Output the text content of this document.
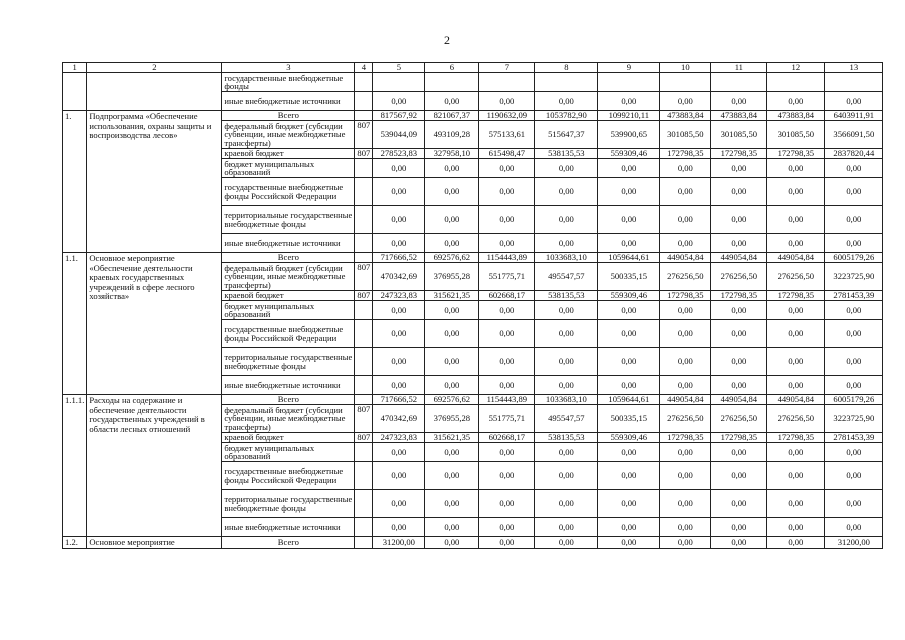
2
1	2	3	4	5	6	7	8	9	10	11	12	13
		государственные внебюджетные фонды										
		иные внебюджетные источники		0,00	0,00	0,00	0,00	0,00	0,00	0,00	0,00	0,00
1.	Подпрограмма «Обеспечение использования, охраны защиты и воспроизводства лесов»	Всего		817567,92	821067,37	1190632,09	1053782,90	1099210,11	473883,84	473883,84	473883,84	6403911,91
		федеральный бюджет (субсидии субвенции, иные межбюджетные трансферты)	807	539044,09	493109,28	575133,61	515647,37	539900,65	301085,50	301085,50	301085,50	3566091,50
		краевой бюджет	807	278523,83	327958,10	615498,47	538135,53	559309,46	172798,35	172798,35	172798,35	2837820,44
		бюджет муниципальных образований		0,00	0,00	0,00	0,00	0,00	0,00	0,00	0,00	0,00
		государственные внебюджетные фонды Российской Федерации		0,00	0,00	0,00	0,00	0,00	0,00	0,00	0,00	0,00
		территориальные государственные внебюджетные фонды		0,00	0,00	0,00	0,00	0,00	0,00	0,00	0,00	0,00
		иные внебюджетные источники		0,00	0,00	0,00	0,00	0,00	0,00	0,00	0,00	0,00
1.1.	Основное мероприятие «Обеспечение деятельности краевых государственных учреждений в сфере лесного хозяйства»	Всего		717666,52	692576,62	1154443,89	1033683,10	1059644,61	449054,84	449054,84	449054,84	6005179,26
		федеральный бюджет (субсидии субвенции, иные межбюджетные трансферты)	807	470342,69	376955,28	551775,71	495547,57	500335,15	276256,50	276256,50	276256,50	3223725,90
		краевой бюджет	807	247323,83	315621,35	602668,17	538135,53	559309,46	172798,35	172798,35	172798,35	2781453,39
		бюджет муниципальных образований		0,00	0,00	0,00	0,00	0,00	0,00	0,00	0,00	0,00
		государственные внебюджетные фонды Российской Федерации		0,00	0,00	0,00	0,00	0,00	0,00	0,00	0,00	0,00
		территориальные государственные внебюджетные фонды		0,00	0,00	0,00	0,00	0,00	0,00	0,00	0,00	0,00
		иные внебюджетные источники		0,00	0,00	0,00	0,00	0,00	0,00	0,00	0,00	0,00
1.1.1.	Расходы на содержание и обеспечение деятельности государственных учреждений в области лесных отношений	Всего		717666,52	692576,62	1154443,89	1033683,10	1059644,61	449054,84	449054,84	449054,84	6005179,26
		федеральный бюджет (субсидии субвенции, иные межбюджетные трансферты)	807	470342,69	376955,28	551775,71	495547,57	500335,15	276256,50	276256,50	276256,50	3223725,90
		краевой бюджет	807	247323,83	315621,35	602668,17	538135,53	559309,46	172798,35	172798,35	172798,35	2781453,39
		бюджет муниципальных образований		0,00	0,00	0,00	0,00	0,00	0,00	0,00	0,00	0,00
		государственные внебюджетные фонды Российской Федерации		0,00	0,00	0,00	0,00	0,00	0,00	0,00	0,00	0,00
		территориальные государственные внебюджетные фонды		0,00	0,00	0,00	0,00	0,00	0,00	0,00	0,00	0,00
		иные внебюджетные источники		0,00	0,00	0,00	0,00	0,00	0,00	0,00	0,00	0,00
1.2.	Основное мероприятие	Всего		31200,00	0,00	0,00	0,00	0,00	0,00	0,00	0,00	31200,00
